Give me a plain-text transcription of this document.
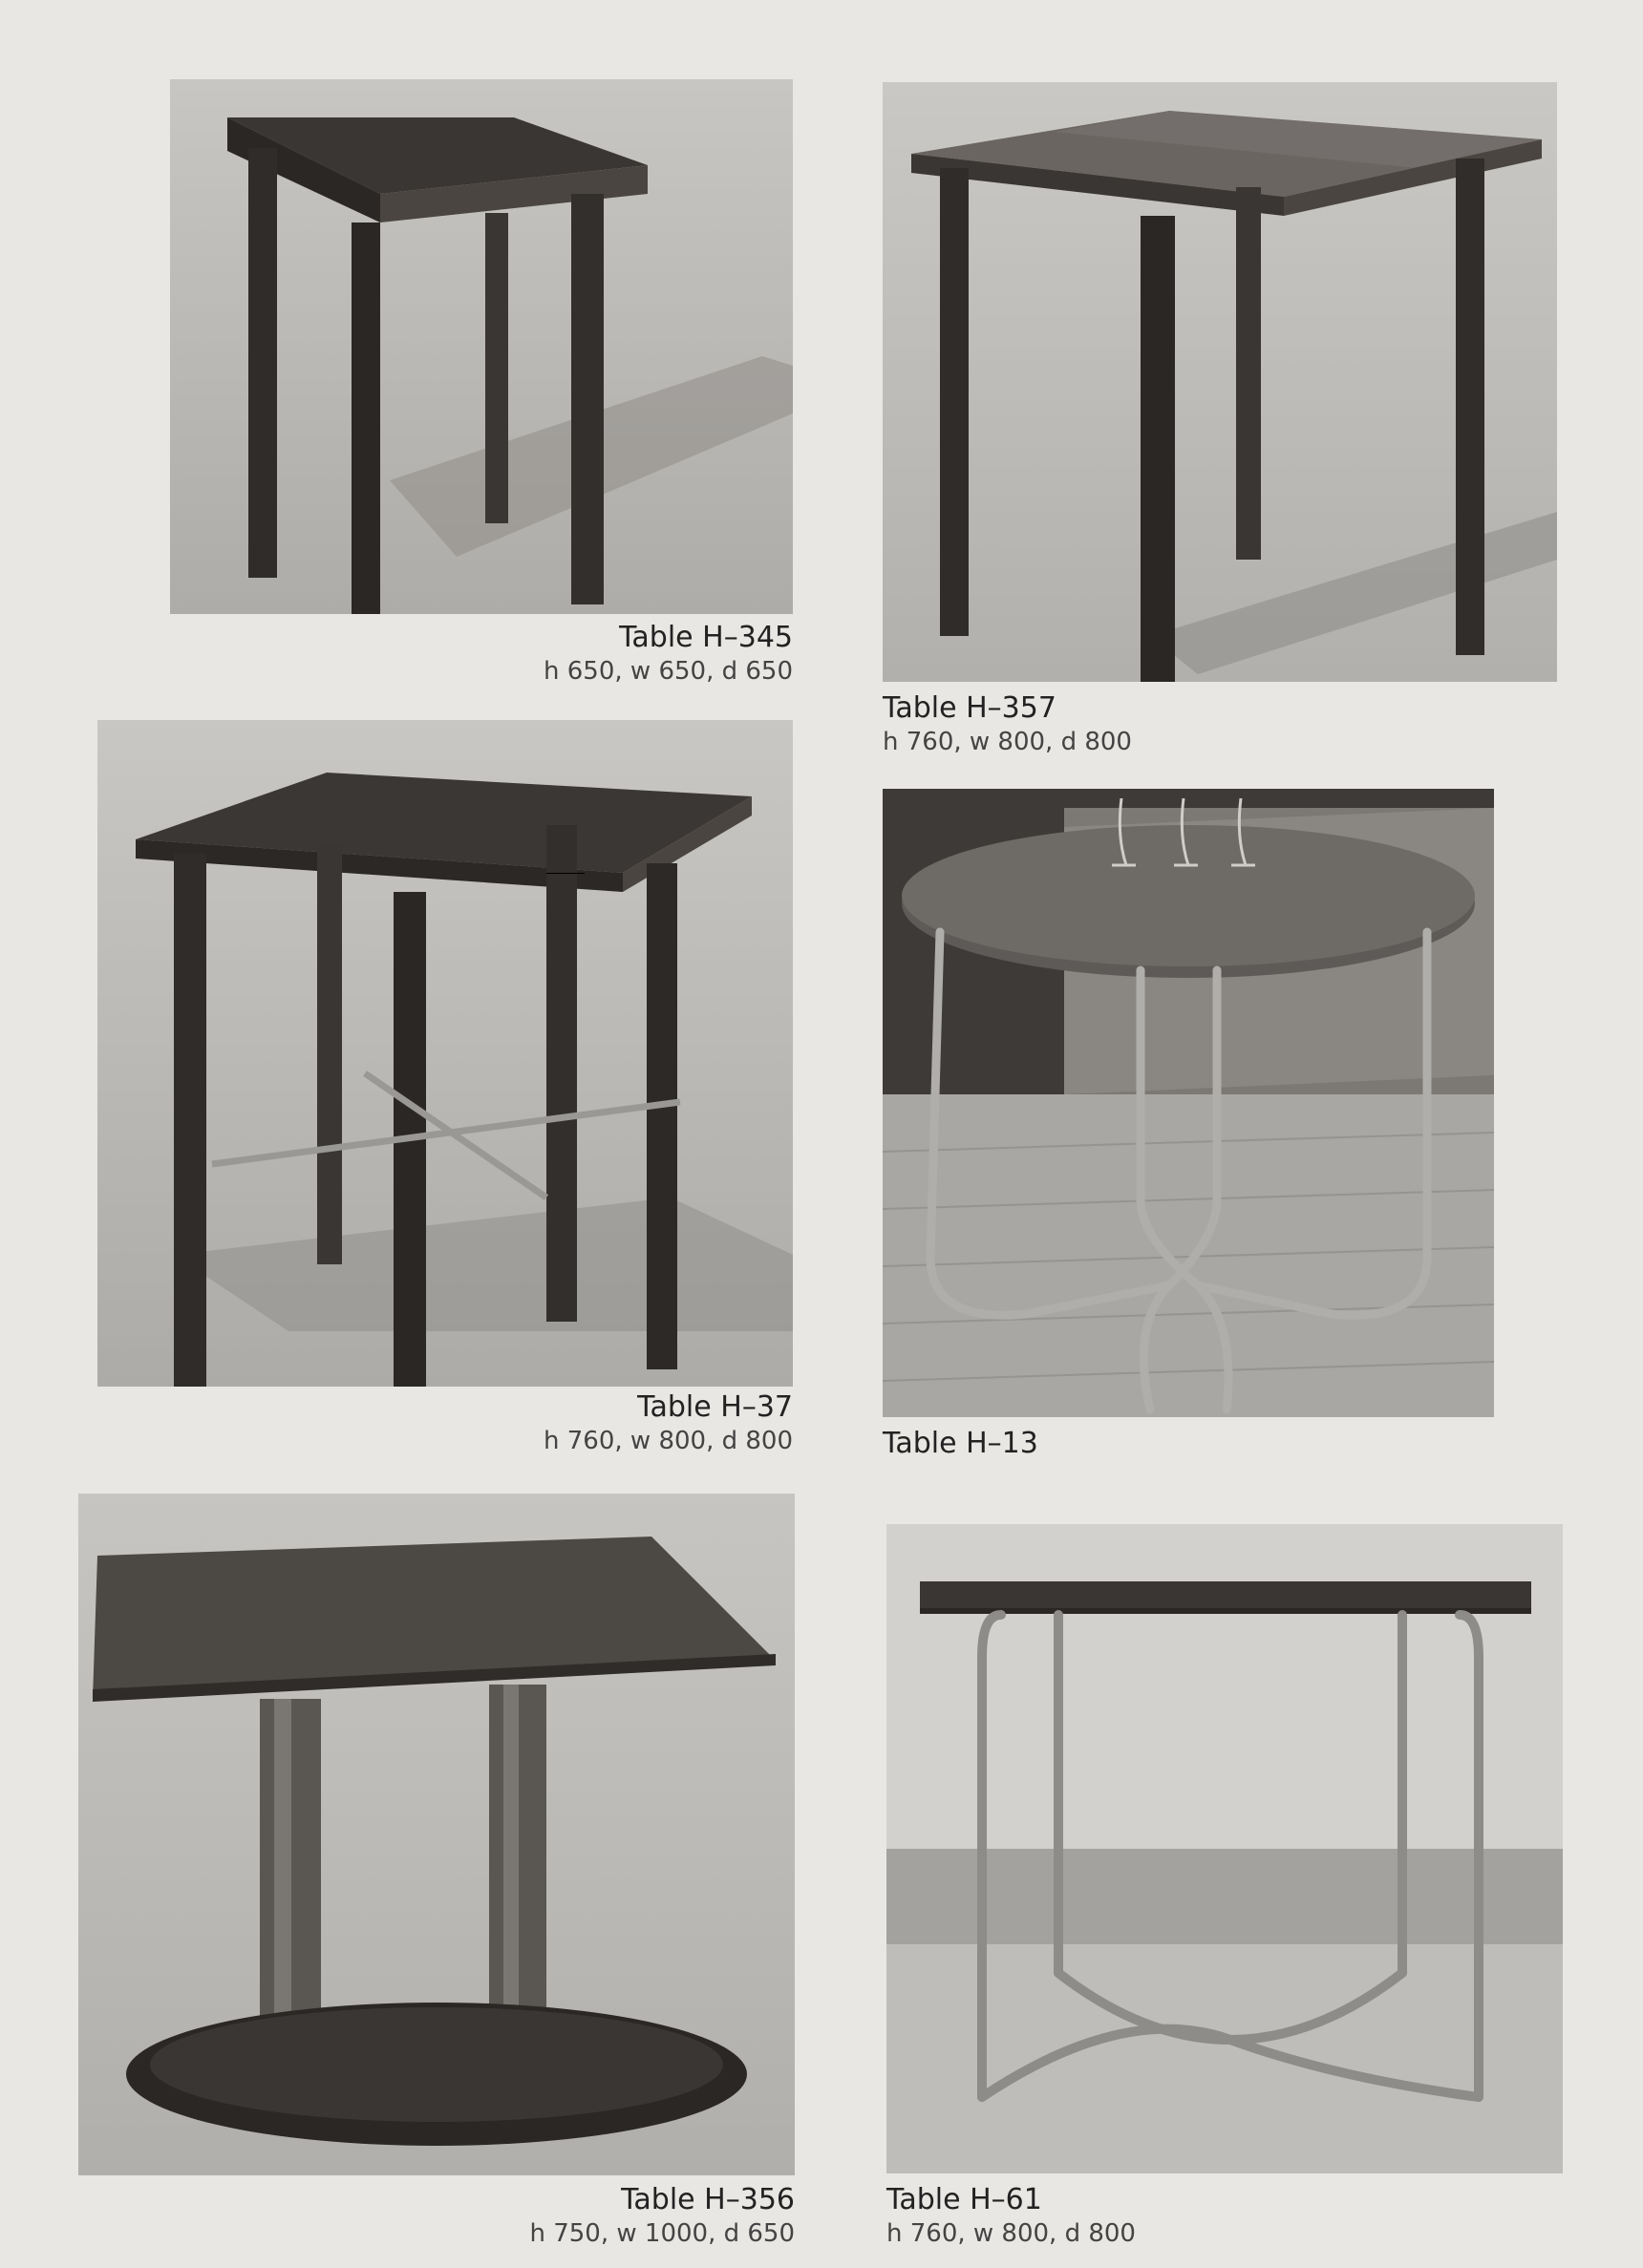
Table H–345
h 650, w 650, d 650
Table H–357
h 760, w 800, d 800
Table H–37
h 760, w 800, d 800	Table H–13
Table H–356
h 750, w 1000, d 650
Table H–61
h 760, w 800, d 800
